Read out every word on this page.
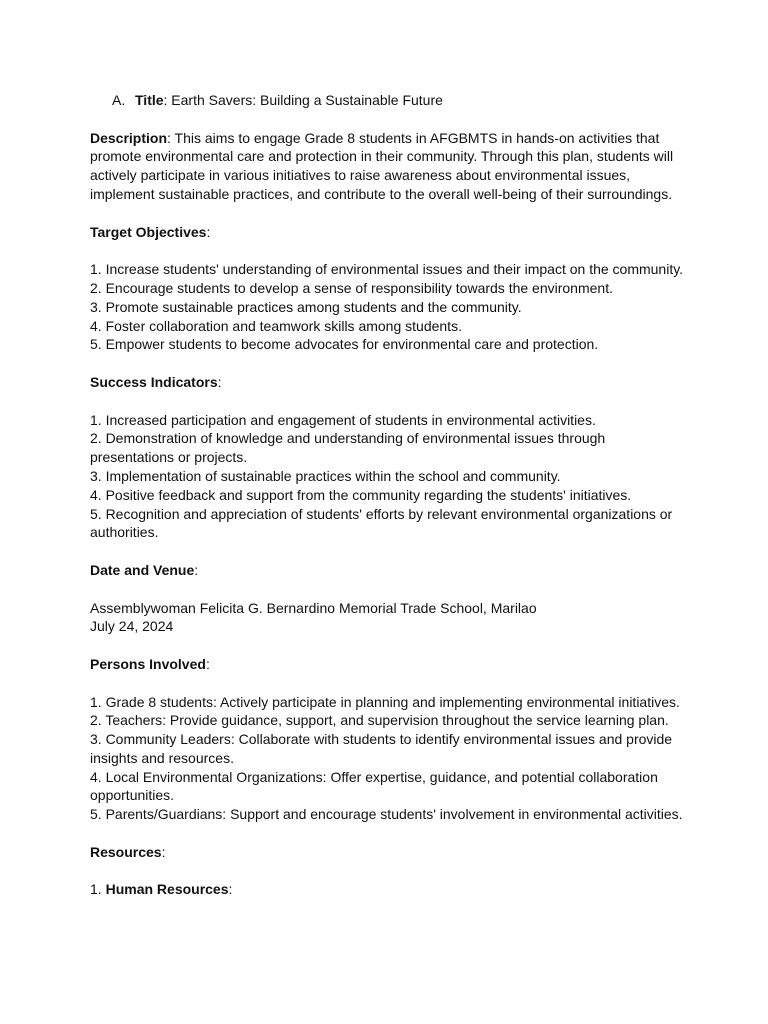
A. Title: Earth Savers: Building a Sustainable Future

Description: This aims to engage Grade 8 students in AFGBMTS in hands-on activities that promote environmental care and protection in their community. Through this plan, students will actively participate in various initiatives to raise awareness about environmental issues, implement sustainable practices, and contribute to the overall well-being of their surroundings.

Target Objectives:

1. Increase students' understanding of environmental issues and their impact on the community.
2. Encourage students to develop a sense of responsibility towards the environment.
3. Promote sustainable practices among students and the community.
4. Foster collaboration and teamwork skills among students.
5. Empower students to become advocates for environmental care and protection.

Success Indicators:

1. Increased participation and engagement of students in environmental activities.
2. Demonstration of knowledge and understanding of environmental issues through presentations or projects.
3. Implementation of sustainable practices within the school and community.
4. Positive feedback and support from the community regarding the students' initiatives.
5. Recognition and appreciation of students' efforts by relevant environmental organizations or authorities.

Date and Venue:

Assemblywoman Felicita G. Bernardino Memorial Trade School, Marilao
July 24, 2024

Persons Involved:

1. Grade 8 students: Actively participate in planning and implementing environmental initiatives.
2. Teachers: Provide guidance, support, and supervision throughout the service learning plan.
3. Community Leaders: Collaborate with students to identify environmental issues and provide insights and resources.
4. Local Environmental Organizations: Offer expertise, guidance, and potential collaboration opportunities.
5. Parents/Guardians: Support and encourage students' involvement in environmental activities.

Resources:

1. Human Resources:
